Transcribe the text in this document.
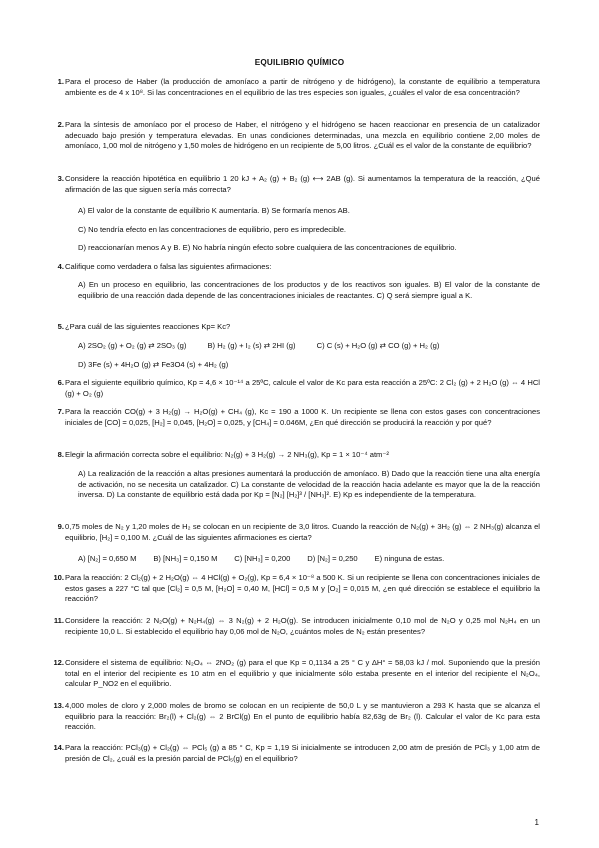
EQUILIBRIO QUÍMICO
1. Para el proceso de Haber (la producción de amoníaco a partir de nitrógeno y de hidrógeno), la constante de equilibrio a temperatura ambiente es de 4 x 10⁸. Si las concentraciones en el equilibrio de las tres especies son iguales, ¿cuáles el valor de esa concentración?
2. Para la síntesis de amoníaco por el proceso de Haber, el nitrógeno y el hidrógeno se hacen reaccionar en presencia de un catalizador adecuado bajo presión y temperatura elevadas. En unas condiciones determinadas, una mezcla en equilibrio contiene 2,00 moles de amoníaco, 1,00 mol de nitrógeno y 1,50 moles de hidrógeno en un recipiente de 5,00 litros. ¿Cuál es el valor de la constante de equilibrio?
3. Considere la reacción hipotética en equilibrio 1 20 kJ + A₂ (g) + B₂ (g) ⟷ 2AB (g). Si aumentamos la temperatura de la reacción, ¿Qué afirmación de las que siguen sería más correcta?
A) El valor de la constante de equilibrio K aumentaría. B) Se formaría menos AB.
C) No tendría efecto en las concentraciones de equilibrio, pero es impredecible.
D) reaccionarían menos A y B. E) No habría ningún efecto sobre cualquiera de las concentraciones de equilibrio.
4. Califique como verdadera o falsa las siguientes afirmaciones:
A) En un proceso en equilibrio, las concentraciones de los productos y de los reactivos son iguales. B) El valor de la constante de equilibrio de una reacción dada depende de las concentraciones iniciales de reactantes. C) Q será siempre igual a K.
5. ¿Para cuál de las siguientes reacciones Kp= Kc?
A) 2SO₂ (g) + O₂ (g) ⇄ 2SO₃ (g)          B) H₂ (g) + I₂ (s) ⇄ 2HI (g)          C) C (s) + H₂O (g) ⇄ CO (g) + H₂ (g)
D) 3Fe (s) + 4H₂O (g) ⇄ Fe3O4 (s) + 4H₂ (g)
6. Para el siguiente equilibrio químico, Kp = 4,6 × 10⁻¹⁴ a 25ºC, calcule el valor de Kc para esta reacción a 25ºC: 2 Cl₂ (g) + 2 H₂O (g) ⇔ 4 HCl (g) + O₂ (g)
7. Para la reacción CO(g) + 3 H₂(g) → H₂O(g) + CH₄ (g), Kc = 190 a 1000 K. Un recipiente se llena con estos gases con concentraciones iniciales de [CO] = 0,025, [H₂] = 0,045, [H₂O] = 0,025, y [CH₄] = 0.046M, ¿En qué dirección se producirá la reacción y por qué?
8. Elegir la afirmación correcta sobre el equilibrio: N₂(g) + 3 H₂(g) → 2 NH₃(g), Kp = 1 × 10⁻⁴ atm⁻²
A) La realización de la reacción a altas presiones aumentará la producción de amoníaco. B) Dado que la reacción tiene una alta energía de activación, no se necesita un catalizador. C) La constante de velocidad de la reacción hacia adelante es mayor que la de la reacción inversa. D) La constante de equilibrio está dada por Kp = [N₂] [H₂]³ / [NH₃]². E) Kp es independiente de la temperatura.
9. 0,75 moles de N₂ y 1,20 moles de H₂ se colocan en un recipiente de 3,0 litros. Cuando la reacción de N₂(g) + 3H₂ (g) ⇔ 2 NH₃(g) alcanza el equilibrio, [H₂] = 0,100 M. ¿Cuál de las siguientes afirmaciones es cierta?
A) [N₂] = 0,650 M        B) [NH₃] = 0,150 M        C) [NH₃] = 0,200        D) [N₂] = 0,250        E) ninguna de estas.
10. Para la reacción: 2 Cl₂(g) + 2 H₂O(g) ⇔ 4 HCl(g) + O₂(g), Kp = 6,4 × 10⁻⁸ a 500 K. Si un recipiente se llena con concentraciones iniciales de estos gases a 227 °C tal que [Cl₂] = 0,5 M, [H₂O] = 0,40 M, [HCl] = 0,5 M y [O₂] = 0,015 M, ¿en qué dirección se establece el equilibrio la reacción?
11. Considere la reacción: 2 N₂O(g) + N₂H₄(g) ⇔ 3 N₂(g) + 2 H₂O(g). Se introducen inicialmente 0,10 mol de N₂O y 0,25 mol N₂H₄ en un recipiente 10,0 L. Si establecido el equilibrio hay 0,06 mol de N₂O, ¿cuántos moles de N₂ están presentes?
12. Considere el sistema de equilibrio: N₂O₄ ⇔ 2NO₂ (g) para el que Kp = 0,1134 a 25 ° C y ΔH° = 58,03 kJ / mol. Suponiendo que la presión total en el interior del recipiente es 10 atm en el equilibrio y que inicialmente sólo estaba presente en el interior del recipiente el N₂O₄, calcular P_NO2 en el equilibrio.
13. 4,000 moles de cloro y 2,000 moles de bromo se colocan en un recipiente de 50,0 L y se mantuvieron a 293 K hasta que se alcanza el equilibrio para la reacción: Br₂(l) + Cl₂(g) ⇔ 2 BrCl(g) En el punto de equilibrio había 82,63g de Br₂ (l). Calcular el valor de Kc para esta reacción.
14. Para la reacción: PCl₃(g) + Cl₂(g) ⇔ PCl₅ (g) a 85 ° C, Kp = 1,19 Si inicialmente se introducen 2,00 atm de presión de PCl₃ y 1,00 atm de presión de Cl₂, ¿cuál es la presión parcial de PCl₅(g) en el equilibrio?
1
